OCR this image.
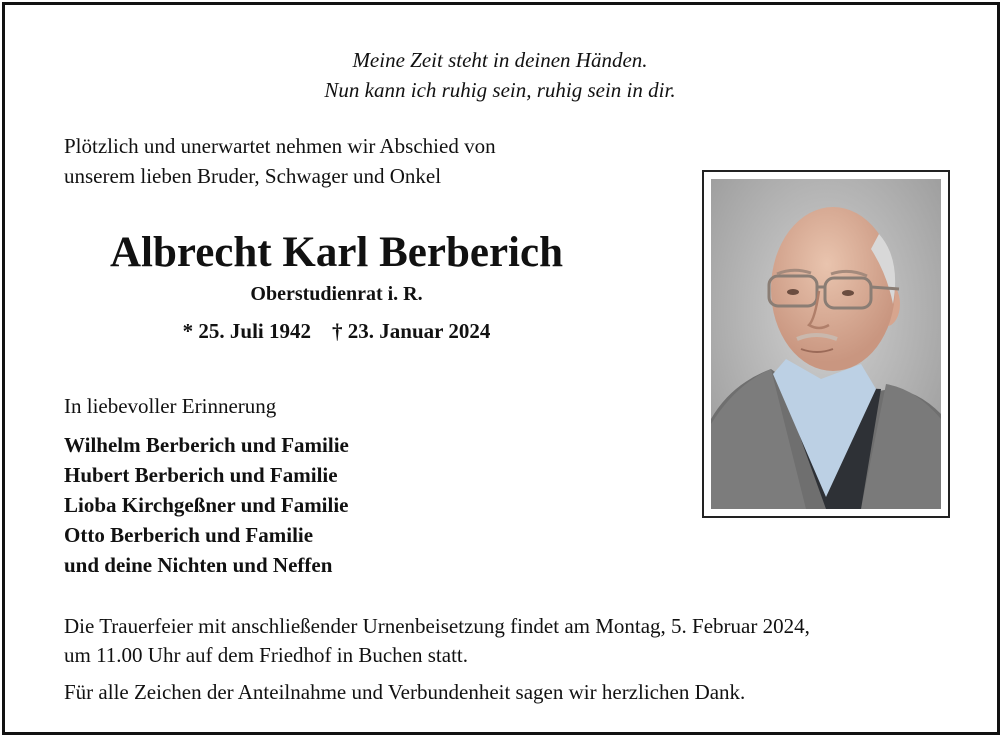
Meine Zeit steht in deinen Händen.
Nun kann ich ruhig sein, ruhig sein in dir.
Plötzlich und unerwartet nehmen wir Abschied von
unserem lieben Bruder, Schwager und Onkel
Albrecht Karl Berberich
Oberstudienrat i. R.
* 25. Juli 1942    † 23. Januar 2024
In liebevoller Erinnerung
Wilhelm Berberich und Familie
Hubert Berberich und Familie
Lioba Kirchgeßner und Familie
Otto Berberich und Familie
und deine Nichten und Neffen
Die Trauerfeier mit anschließender Urnenbeisetzung findet am Montag, 5. Februar 2024,
um 11.00 Uhr auf dem Friedhof in Buchen statt.
Für alle Zeichen der Anteilnahme und Verbundenheit sagen wir herzlichen Dank.
